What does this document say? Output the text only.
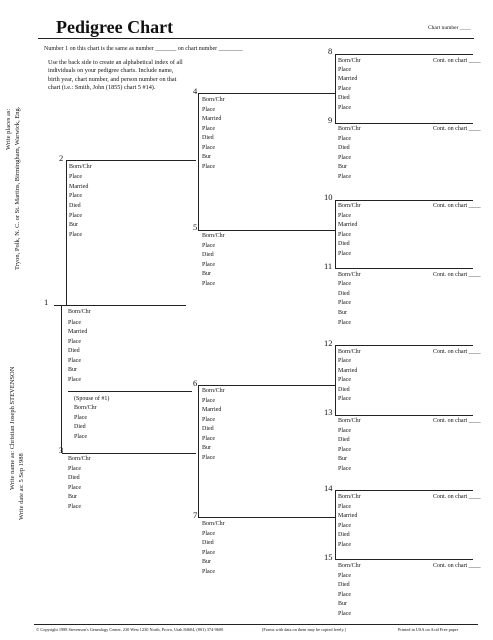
Pedigree Chart	Chart number ____
Number 1 on this chart is the same as number _______ on chart number ________
Use the back side to create an alphabetical index of all individuals on your pedigree charts. Include name, birth year, chart number, and person number on that chart (i.e.: Smith, John (1855) chart 5 #14).
Write places as: Tryon, Polk, N. C. or St. Martins, Birmingham, Warwick, Eng.
Write name as: Christian Joseph STEVENSON Write date as: 5 Sep 1988
1
Born/Chr
Place
Married
Place
Died
Place
Bur
Place
(Spouse of #1)
Born/Chr
Place
Died
Place
2
Born/Chr
Place
Married
Place
Died
Place
Bur
Place
3
Born/Chr
Place
Died
Place
Bur
Place
4
Born/Chr
Place
Married
Place
Died
Place
Bur
Place
5
Born/Chr
Place
Died
Place
Bur
Place
6
Born/Chr
Place
Married
Place
Died
Place
Bur
Place
7
Born/Chr
Place
Died
Place
Bur
Place
8
Born/Chr	Cont. on chart ____
Place
Married
Place
Died
Place
9
Born/Chr	Cont. on chart ____
Place
Died
Place
Bur
Place
10
Born/Chr	Cont. on chart ____
Place
Married
Place
Died
Place
11
Born/Chr	Cont. on chart ____
Place
Died
Place
Bur
Place
12
Born/Chr	Cont. on chart ____
Place
Married
Place
Died
Place
13
Born/Chr	Cont. on chart ____
Place
Died
Place
Bur
Place
14
Born/Chr	Cont. on chart ____
Place
Married
Place
Died
Place
15
Born/Chr	Cont. on chart ____
Place
Died
Place
Bur
Place
© Copyright 1988 Stevenson's Genealogy Center, 230 West 1230 North, Provo, Utah 84604, (801) 374-9600	[Forms with data on them may be copied freely.]	Printed in USA on Acid Free paper
